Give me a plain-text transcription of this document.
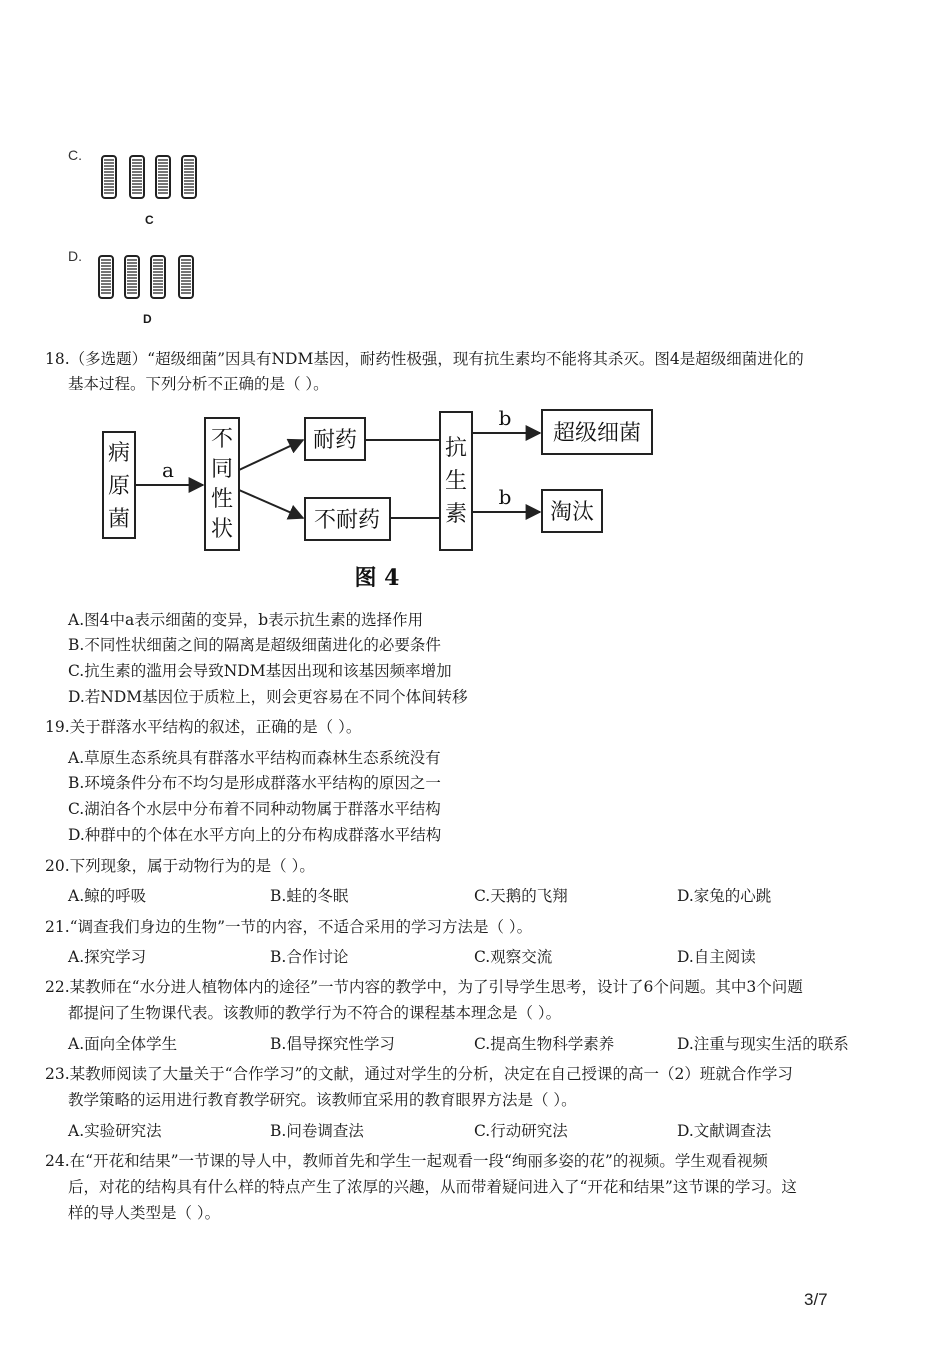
C.
C
D.
D
18.（多选题）“超级细菌”因具有NDM基因，耐药性极强，现有抗生素均不能将其杀灭。图4是超级细菌进化的
基本过程。下列分析不正确的是（ ）。
病
原
菌
不
同
性
状
耐药
不耐药
抗
生
素
超级细菌
淘汰
a
b
b
图 4
A.图4中a表示细菌的变异，b表示抗生素的选择作用
B.不同性状细菌之间的隔离是超级细菌进化的必要条件
C.抗生素的滥用会导致NDM基因出现和该基因频率增加
D.若NDM基因位于质粒上，则会更容易在不同个体间转移
19.关于群落水平结构的叙述，正确的是（ ）。
A.草原生态系统具有群落水平结构而森林生态系统没有
B.环境条件分布不均匀是形成群落水平结构的原因之一
C.湖泊各个水层中分布着不同种动物属于群落水平结构
D.种群中的个体在水平方向上的分布构成群落水平结构
20.下列现象，属于动物行为的是（ ）。
A.鲸的呼吸	B.蛙的冬眠	C.天鹅的飞翔	D.家兔的心跳
21.“调查我们身边的生物”一节的内容，不适合采用的学习方法是（ ）。
A.探究学习	B.合作讨论	C.观察交流	D.自主阅读
22.某教师在“水分进人植物体内的途径”一节内容的教学中，为了引导学生思考，设计了6个问题。其中3个问题
都提问了生物课代表。该教师的教学行为不符合的课程基本理念是（ ）。
A.面向全体学生	B.倡导探究性学习	C.提高生物科学素养	D.注重与现实生活的联系
23.某教师阅读了大量关于“合作学习”的文献，通过对学生的分析，决定在自己授课的高一（2）班就合作学习
教学策略的运用进行教育教学研究。该教师宜采用的教育眼界方法是（ ）。
A.实验研究法	B.问卷调查法	C.行动研究法	D.文献调查法
24.在“开花和结果”一节课的导人中，教师首先和学生一起观看一段“绚丽多姿的花”的视频。学生观看视频
后，对花的结构具有什么样的特点产生了浓厚的兴趣，从而带着疑问进入了“开花和结果”这节课的学习。这
样的导人类型是（ ）。
3/7
